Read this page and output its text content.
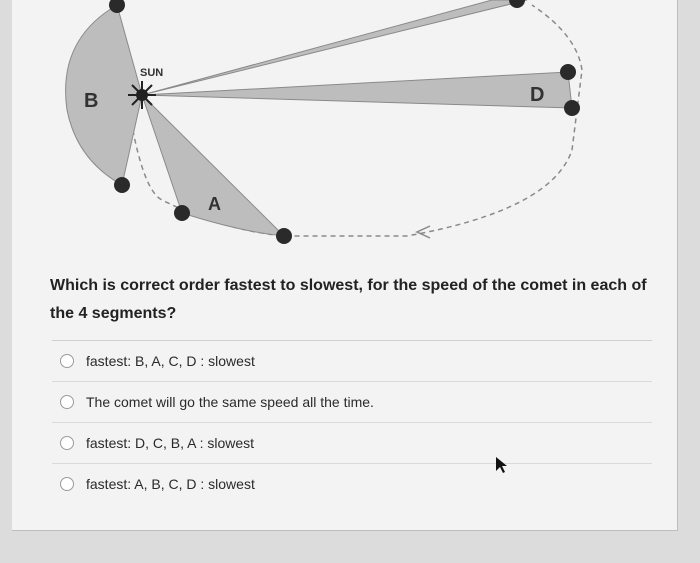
SUN
B
A
D
Which is correct order fastest to slowest, for the speed of the comet in each of the 4 segments?
fastest: B, A, C, D : slowest
The comet will go the same speed all the time.
fastest: D, C, B, A : slowest
fastest: A, B, C, D : slowest
